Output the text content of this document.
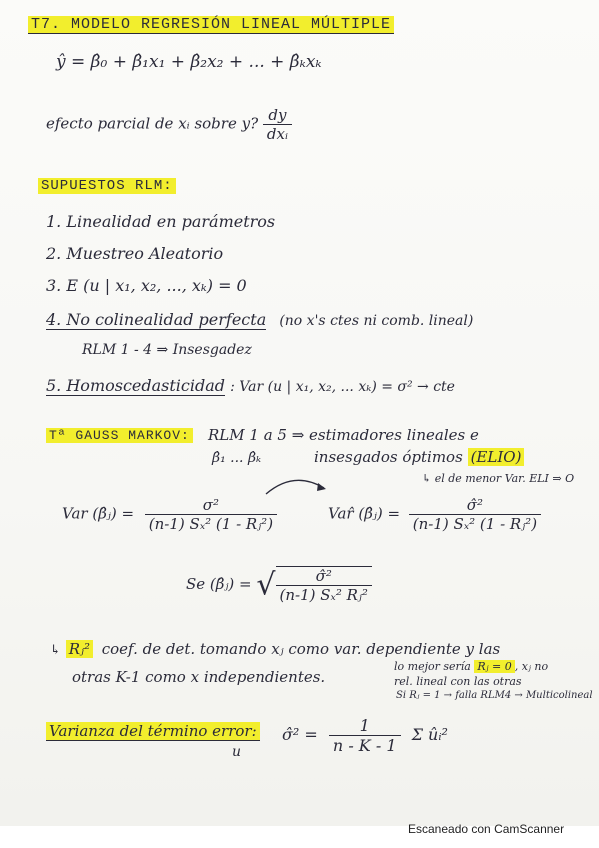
T7. MODELO REGRESIÓN LINEAL MÚLTIPLE
ŷ = β̂₀ + β̂₁x₁ + β̂₂x₂ + ... + β̂ₖxₖ
efecto parcial de xᵢ sobre y? $\frac{dy}{\text{dxᵢ}}$
SUPUESTOS RLM:
1. Linealidad en parámetros
2. Muestreo Aleatorio
3. E (u | x₁, x₂, ..., xₖ) = 0
4. No colinealidad perfecta (no x's ctes ni comb. lineal)
RLM 1 - 4 ⇒ Insesgadez
5. Homoscedasticidad : Var (u | x₁, x₂, ... xₖ) = σ² → cte
Tª GAUSS MARKOV: RLM 1 a 5 ⇒ estimadores lineales e
β̂₁ ... β̂ₖ	insesgados óptimos (ELIO)
↳ el de menor Var. ELI ⇒ O
Var (β̂ⱼ) = $\frac{\text{σ²}}{\text{(n-1) Sₓ² (1 - Rⱼ²)}}$	Var̂ (β̂ⱼ) = $\frac{\text{σ̂²}}{\text{(n-1) Sₓ² (1 - Rⱼ²)}}$
Se (β̂ⱼ) = √ $\frac{\text{σ̂²}}{\text{(n-1) Sₓ² Rⱼ²}}$
↳ Rⱼ² coef. de det. tomando xⱼ como var. dependiente y las
otras K-1 como x independientes.
lo mejor sería Rⱼ = 0 , xⱼ no
rel. lineal con las otras
Si Rⱼ = 1 → falla RLM4 → Multicolineal
Varianza del término error:
u
σ̂² = $\frac{1}{n - K - 1}$ Σ ûᵢ²
Escaneado con CamScanner
